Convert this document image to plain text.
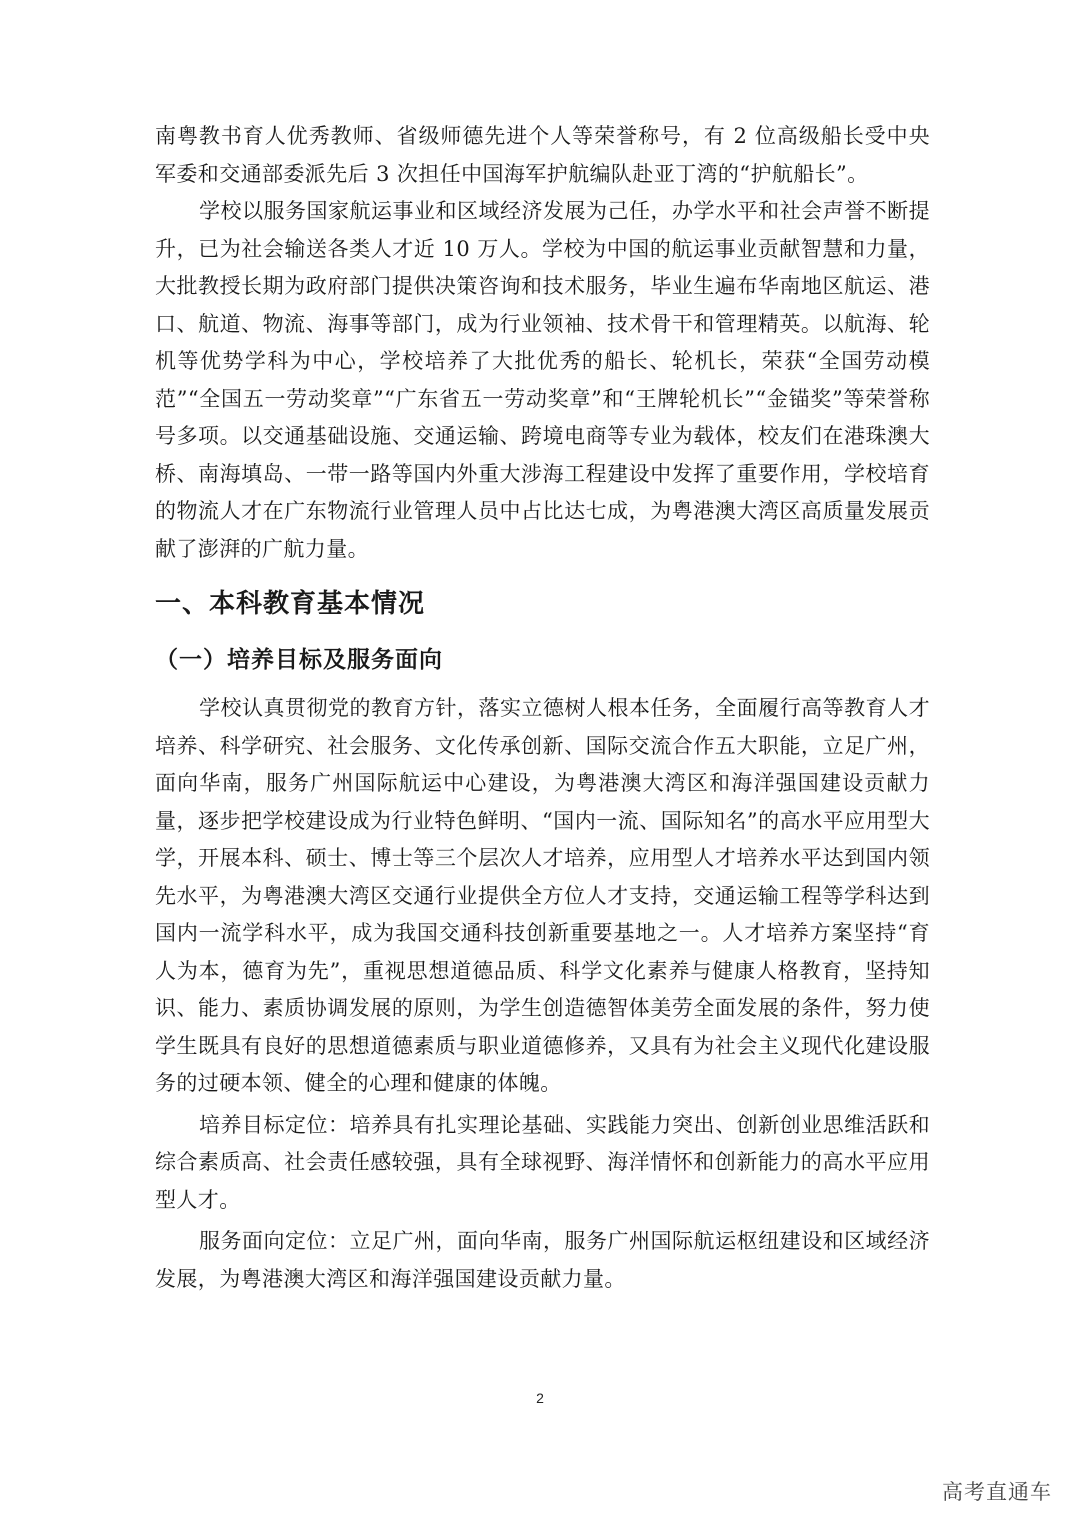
南粤教书育人优秀教师、省级师德先进个人等荣誉称号，有 2 位高级船长受中央军委和交通部委派先后 3 次担任中国海军护航编队赴亚丁湾的“护航船长”。

学校以服务国家航运事业和区域经济发展为己任，办学水平和社会声誉不断提升，已为社会输送各类人才近 10 万人。学校为中国的航运事业贡献智慧和力量，大批教授长期为政府部门提供决策咨询和技术服务，毕业生遍布华南地区航运、港口、航道、物流、海事等部门，成为行业领袖、技术骨干和管理精英。以航海、轮机等优势学科为中心，学校培养了大批优秀的船长、轮机长，荣获“全国劳动模范”“全国五一劳动奖章”“广东省五一劳动奖章”和“王牌轮机长”“金锚奖”等荣誉称号多项。以交通基础设施、交通运输、跨境电商等专业为载体，校友们在港珠澳大桥、南海填岛、一带一路等国内外重大涉海工程建设中发挥了重要作用，学校培育的物流人才在广东物流行业管理人员中占比达七成，为粤港澳大湾区高质量发展贡献了澎湃的广航力量。

一、本科教育基本情况
（一）培养目标及服务面向

学校认真贯彻党的教育方针，落实立德树人根本任务，全面履行高等教育人才培养、科学研究、社会服务、文化传承创新、国际交流合作五大职能，立足广州，面向华南，服务广州国际航运中心建设，为粤港澳大湾区和海洋强国建设贡献力量，逐步把学校建设成为行业特色鲜明、“国内一流、国际知名”的高水平应用型大学，开展本科、硕士、博士等三个层次人才培养，应用型人才培养水平达到国内领先水平，为粤港澳大湾区交通行业提供全方位人才支持，交通运输工程等学科达到国内一流学科水平，成为我国交通科技创新重要基地之一。人才培养方案坚持“育人为本，德育为先”，重视思想道德品质、科学文化素养与健康人格教育，坚持知识、能力、素质协调发展的原则，为学生创造德智体美劳全面发展的条件，努力使学生既具有良好的思想道德素质与职业道德修养，又具有为社会主义现代化建设服务的过硬本领、健全的心理和健康的体魄。

培养目标定位：培养具有扎实理论基础、实践能力突出、创新创业思维活跃和综合素质高、社会责任感较强，具有全球视野、海洋情怀和创新能力的高水平应用型人才。

服务面向定位：立足广州，面向华南，服务广州国际航运枢纽建设和区域经济发展，为粤港澳大湾区和海洋强国建设贡献力量。

2
高考直通车
